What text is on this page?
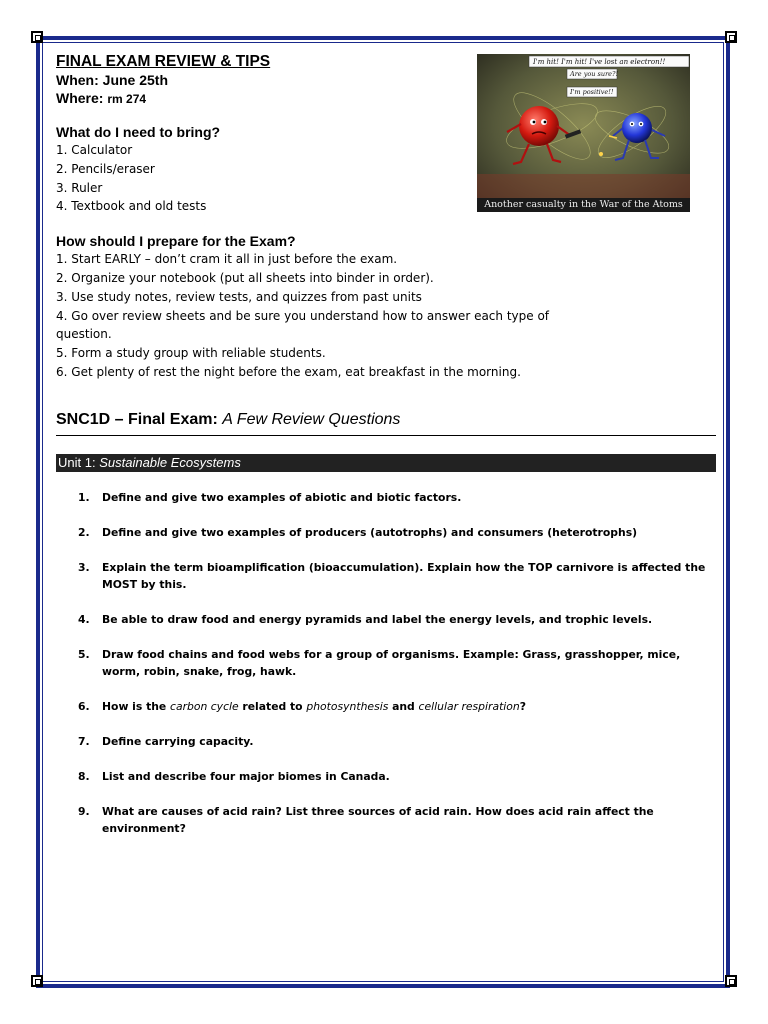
FINAL EXAM REVIEW & TIPS
When: June 25th
Where: rm 274
What do I need to bring?
1. Calculator
2. Pencils/eraser
3. Ruler
4. Textbook and old tests
How should I prepare for the Exam?
1. Start EARLY – don’t cram it all in just before the exam.
2. Organize your notebook (put all sheets into binder in order).
3. Use study notes, review tests, and quizzes from past units
4. Go over review sheets and be sure you understand how to answer each type of
question.
5. Form a study group with reliable students.
6. Get plenty of rest the night before the exam, eat breakfast in the morning.
I'm hit! I'm hit! I've lost an electron!!
Are you sure?!
I'm positive!!
Another casualty in the War of the Atoms
SNC1D – Final Exam: A Few Review Questions
Unit 1: Sustainable Ecosystems
1. Define and give two examples of abiotic and biotic factors.
2. Define and give two examples of producers (autotrophs) and consumers (heterotrophs)
3. Explain the term bioamplification (bioaccumulation). Explain how the TOP carnivore is affected the MOST by this.
4. Be able to draw food and energy pyramids and label the energy levels, and trophic levels.
5. Draw food chains and food webs for a group of organisms. Example: Grass, grasshopper, mice, worm, robin, snake, frog, hawk.
6. How is the carbon cycle related to photosynthesis and cellular respiration?
7. Define carrying capacity.
8. List and describe four major biomes in Canada.
9. What are causes of acid rain? List three sources of acid rain. How does acid rain affect the environment?
